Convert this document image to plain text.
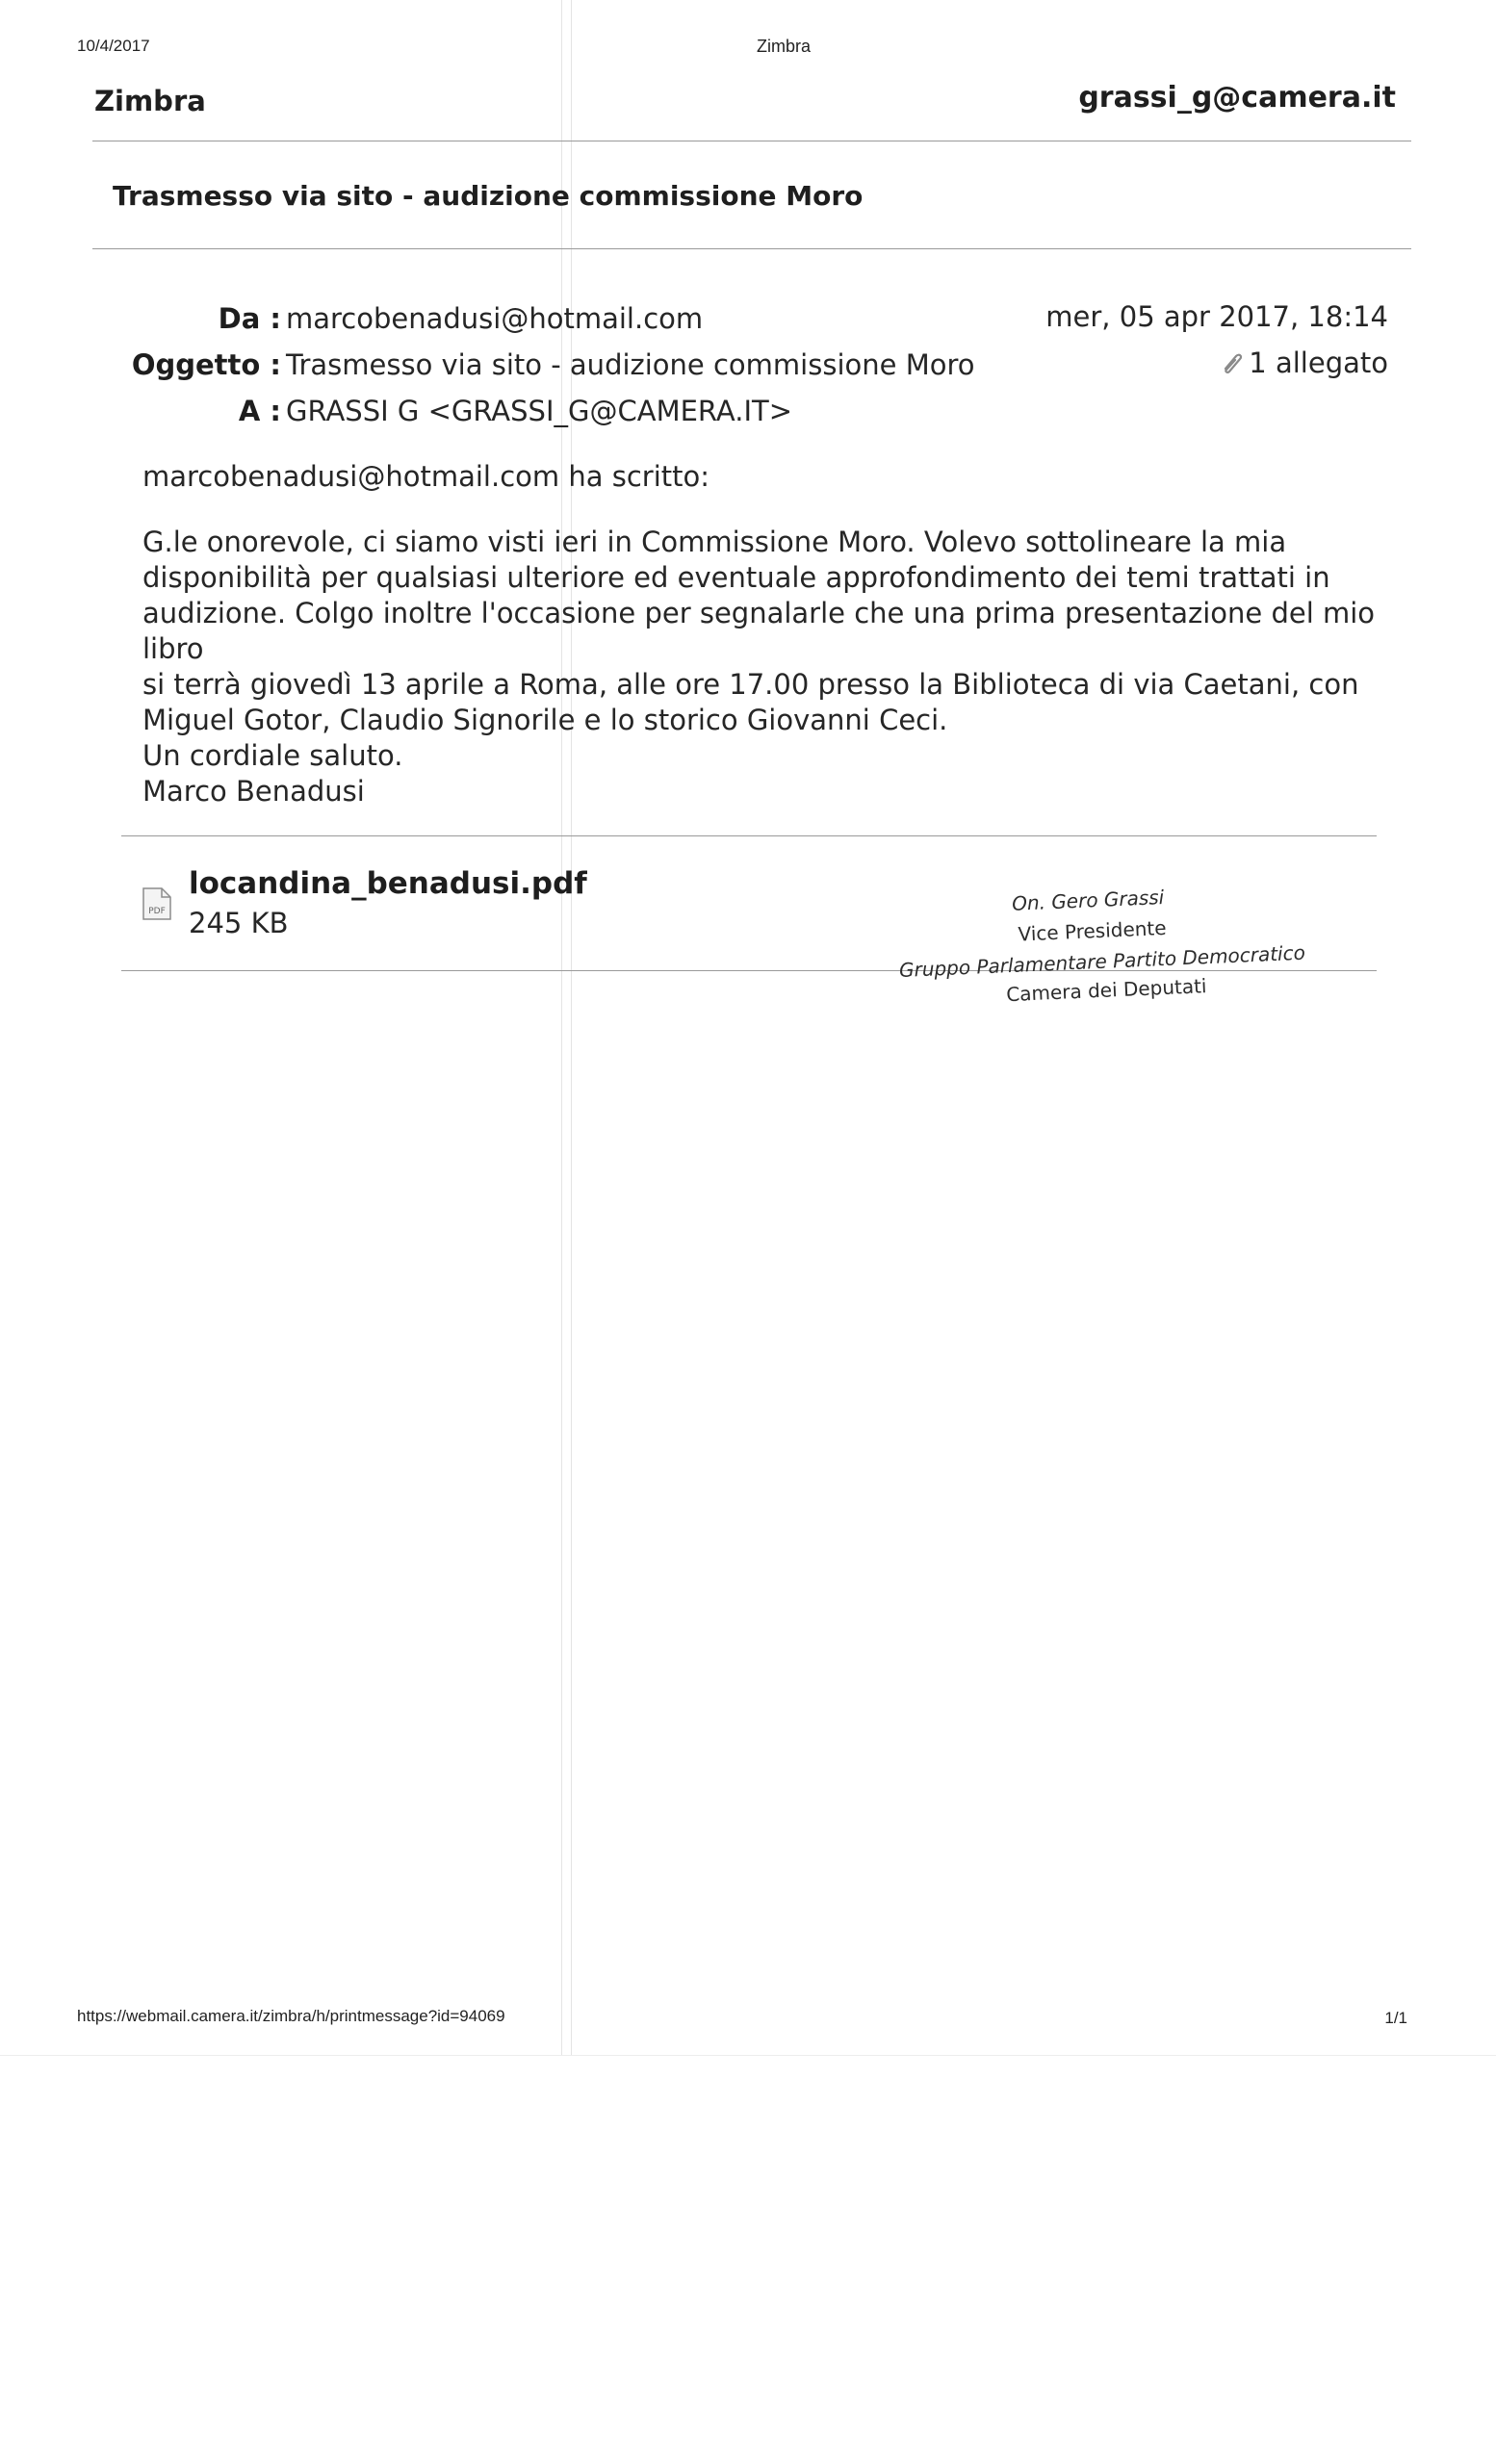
10/4/2017	Zimbra
Zimbra	grassi_g@camera.it
Trasmesso via sito - audizione commissione Moro
Da : marcobenadusi@hotmail.com
Oggetto : Trasmesso via sito - audizione commissione Moro
A : GRASSI G <GRASSI_G@CAMERA.IT>
mer, 05 apr 2017, 18:14
1 allegato
marcobenadusi@hotmail.com ha scritto:

G.le onorevole, ci siamo visti ieri in Commissione Moro. Volevo sottolineare la mia

disponibilità per qualsiasi ulteriore ed eventuale approfondimento dei temi trattati in

audizione. Colgo inoltre l'occasione per segnalarle che una prima presentazione del mio libro

si terrà giovedì 13 aprile a Roma, alle ore 17.00 presso la Biblioteca di via Caetani, con

Miguel Gotor, Claudio Signorile e lo storico Giovanni Ceci.

Un cordiale saluto.

Marco Benadusi

PDF
locandina_benadusi.pdf
245 KB
On. Gero Grassi
Vice Presidente
Gruppo Parlamentare Partito Democratico
Camera dei Deputati
https://webmail.camera.it/zimbra/h/printmessage?id=94069	1/1
